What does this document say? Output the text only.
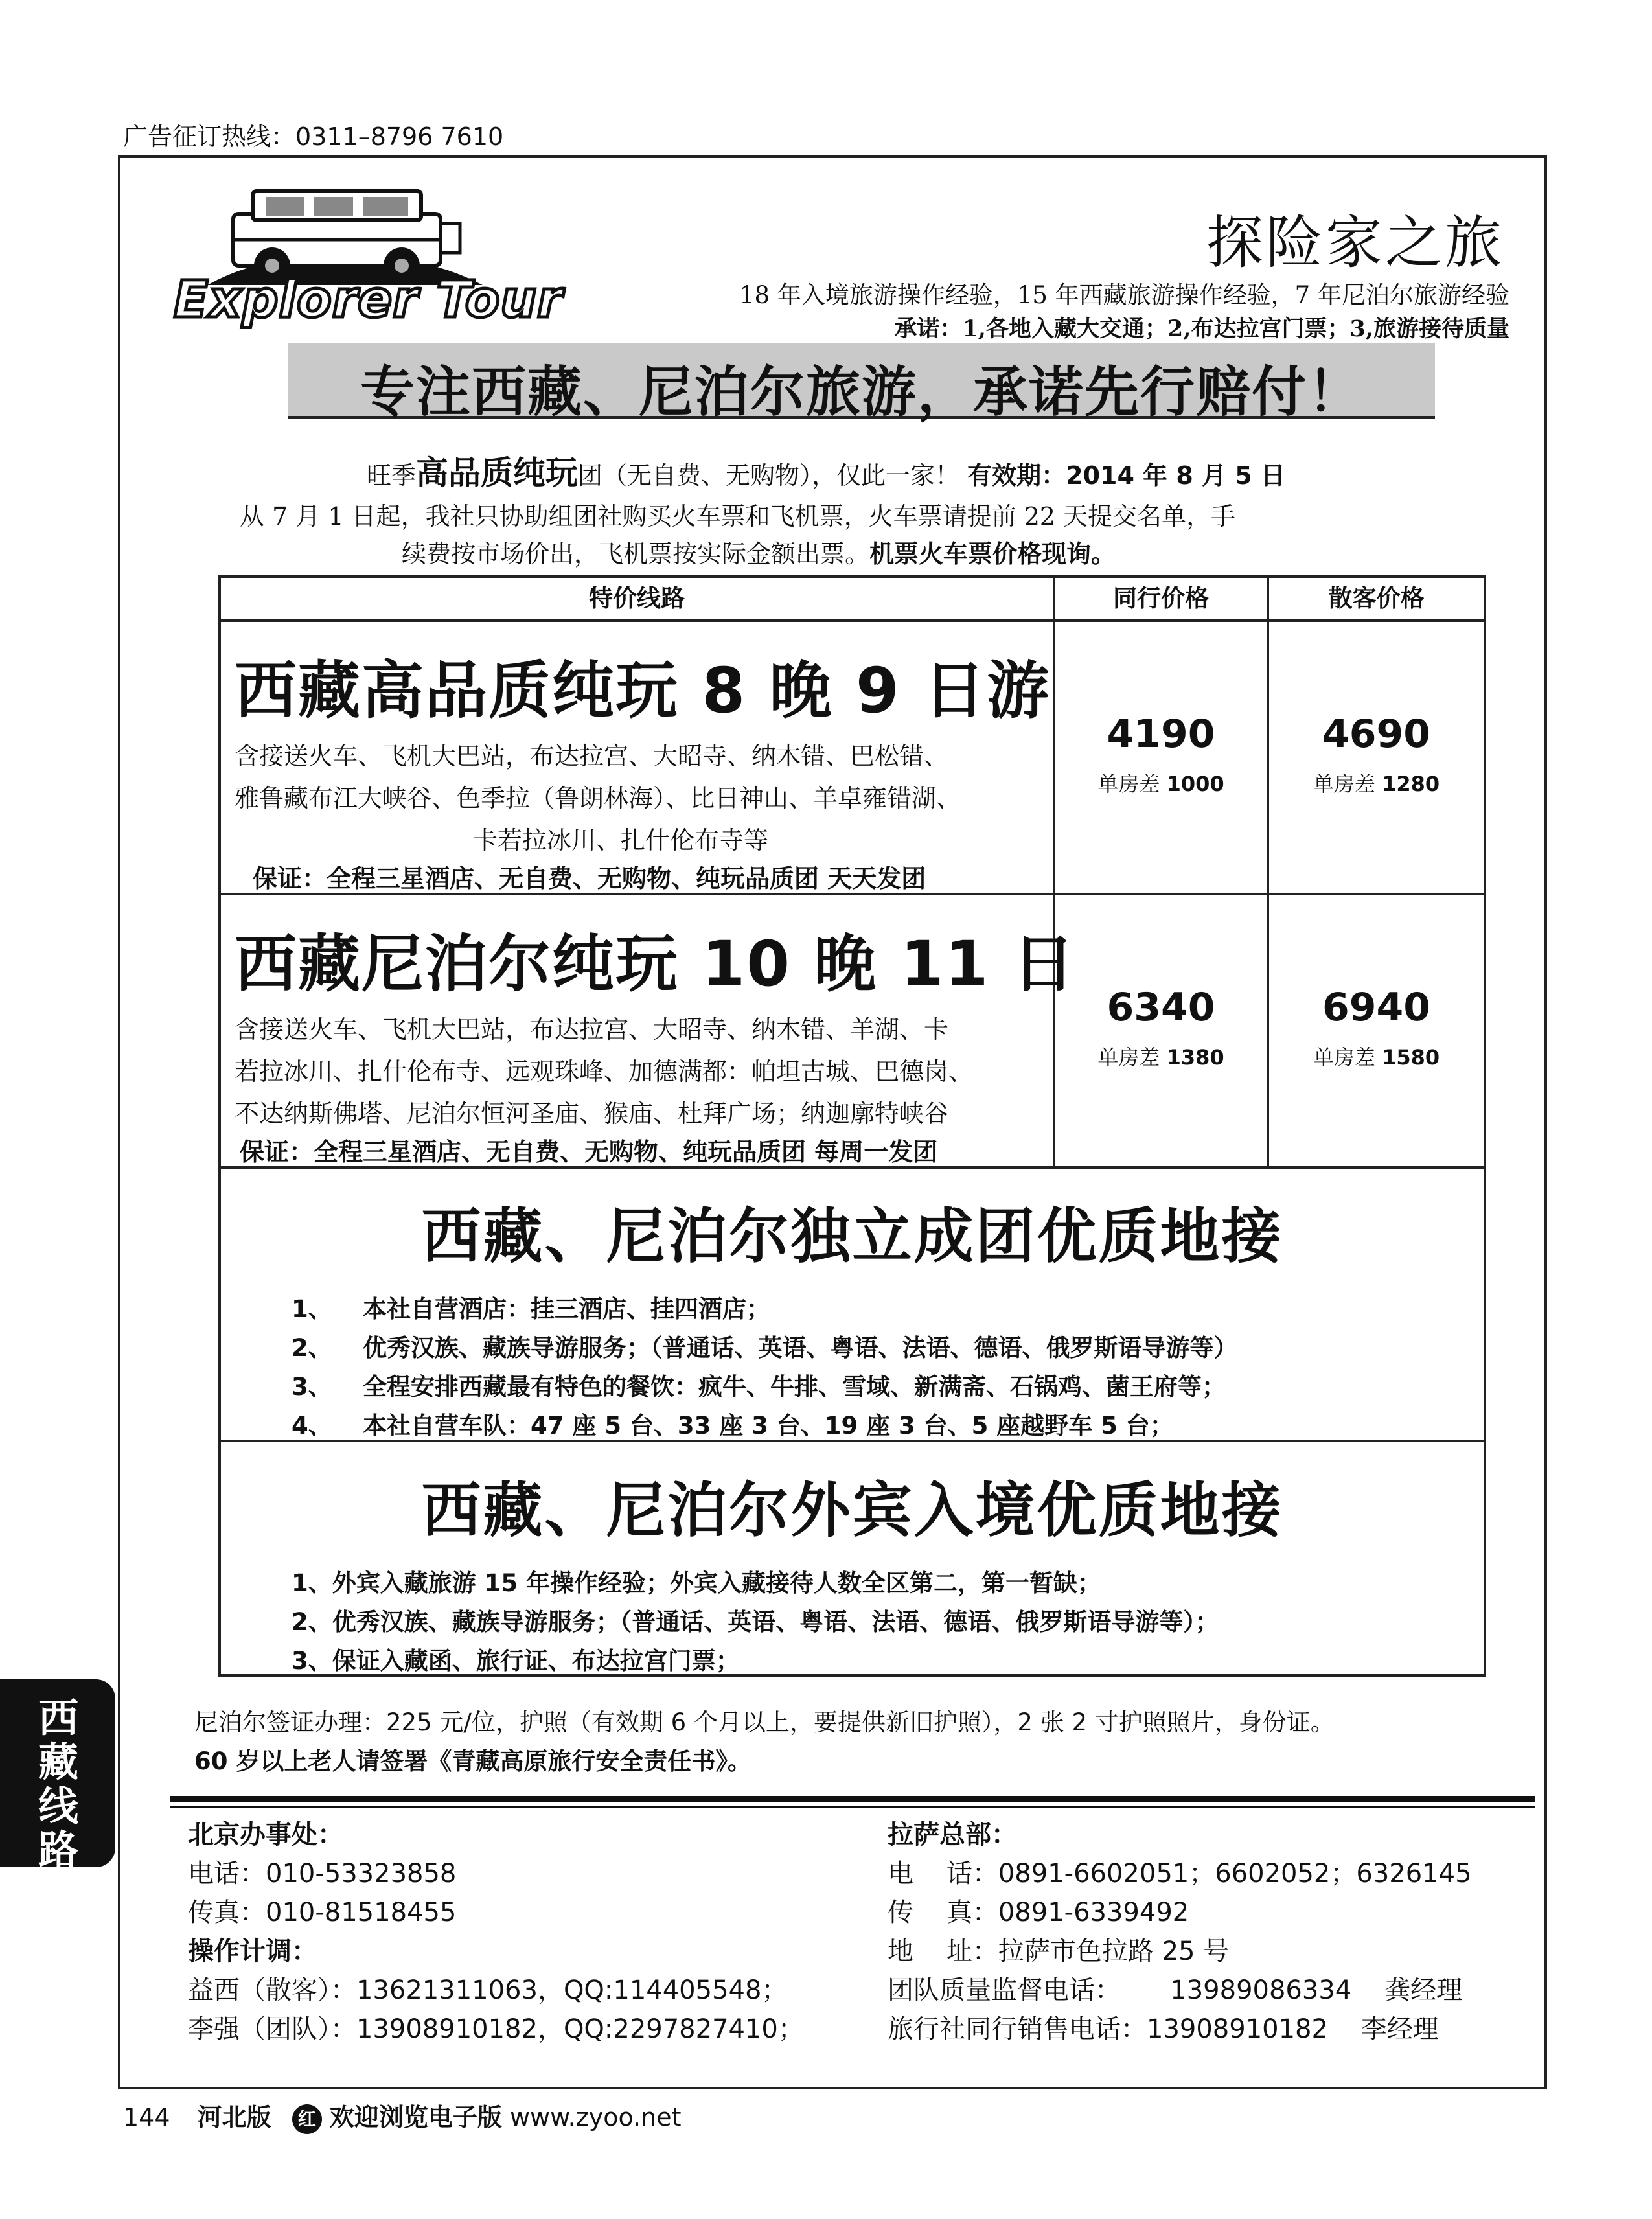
广告征订热线：0311–8796 7610
Explorer Tour
探险家之旅
18 年入境旅游操作经验，15 年西藏旅游操作经验，7 年尼泊尔旅游经验
承诺：1,各地入藏大交通；2,布达拉宫门票；3,旅游接待质量
专注西藏、尼泊尔旅游，承诺先行赔付！
旺季高品质纯玩团（无自费、无购物），仅此一家！ 有效期：2014 年 8 月 5 日
从 7 月 1 日起，我社只协助组团社购买火车票和飞机票，火车票请提前 22 天提交名单，手
续费按市场价出，飞机票按实际金额出票。机票火车票价格现询。
特价线路	同行价格	散客价格
西藏高品质纯玩 8 晚 9 日游
含接送火车、飞机大巴站，布达拉宫、大昭寺、纳木错、巴松错、
雅鲁藏布江大峡谷、色季拉（鲁朗林海）、比日神山、羊卓雍错湖、
卡若拉冰川、扎什伦布寺等
保证：全程三星酒店、无自费、无购物、纯玩品质团 天天发团
4190
单房差 1000
4690
单房差 1280
西藏尼泊尔纯玩 10 晚 11 日
含接送火车、飞机大巴站，布达拉宫、大昭寺、纳木错、羊湖、卡
若拉冰川、扎什伦布寺、远观珠峰、加德满都：帕坦古城、巴德岗、
不达纳斯佛塔、尼泊尔恒河圣庙、猴庙、杜拜广场；纳迦廓特峡谷
保证：全程三星酒店、无自费、无购物、纯玩品质团 每周一发团
6340
单房差 1380
6940
单房差 1580
西藏、尼泊尔独立成团优质地接
1、 本社自营酒店：挂三酒店、挂四酒店；
2、 优秀汉族、藏族导游服务；（普通话、英语、粤语、法语、德语、俄罗斯语导游等）
3、 全程安排西藏最有特色的餐饮：疯牛、牛排、雪域、新满斋、石锅鸡、菌王府等；
4、 本社自营车队：47 座 5 台、33 座 3 台、19 座 3 台、5 座越野车 5 台；
西藏、尼泊尔外宾入境优质地接
1、外宾入藏旅游 15 年操作经验；外宾入藏接待人数全区第二，第一暂缺；
2、优秀汉族、藏族导游服务；（普通话、英语、粤语、法语、德语、俄罗斯语导游等）；
3、保证入藏函、旅行证、布达拉宫门票；
尼泊尔签证办理：225 元/位，护照（有效期 6 个月以上，要提供新旧护照），2 张 2 寸护照照片，身份证。
60 岁以上老人请签署《青藏高原旅行安全责任书》。
北京办事处：
电话：010-53323858
传真：010-81518455
操作计调：
益西（散客）：13621311063，QQ:114405548；
李强（团队）：13908910182，QQ:2297827410；
拉萨总部：
电    话：0891-6602051；6602052；6326145
传    真：0891-6339492
地    址：拉萨市色拉路 25 号
团队质量监督电话：      13989086334    龚经理
旅行社同行销售电话：13908910182    李经理
西
藏
线
路
144 河北版 红 欢迎浏览电子版 www.zyoo.net
